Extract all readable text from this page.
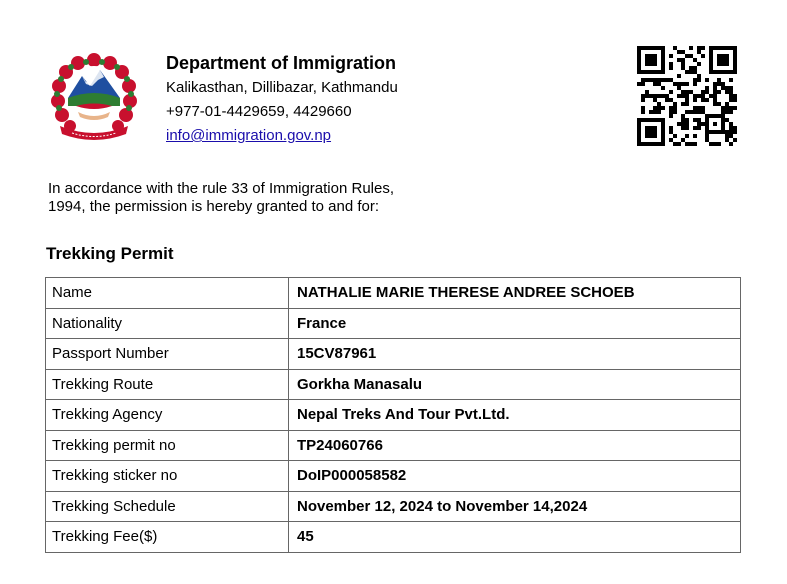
Department of Immigration
Kalikasthan, Dillibazar, Kathmandu
+977-01-4429659, 4429660
info@immigration.gov.np
In accordance with the rule 33 of Immigration Rules, 1994, the permission is hereby granted to and for:
Trekking Permit
Name	NATHALIE MARIE THERESE ANDREE SCHOEB
Nationality	France
Passport Number	15CV87961
Trekking Route	Gorkha Manasalu
Trekking Agency	Nepal Treks And Tour Pvt.Ltd.
Trekking permit no	TP24060766
Trekking sticker no	DoIP000058582
Trekking Schedule	November 12, 2024 to November 14,2024
Trekking Fee($)	45
